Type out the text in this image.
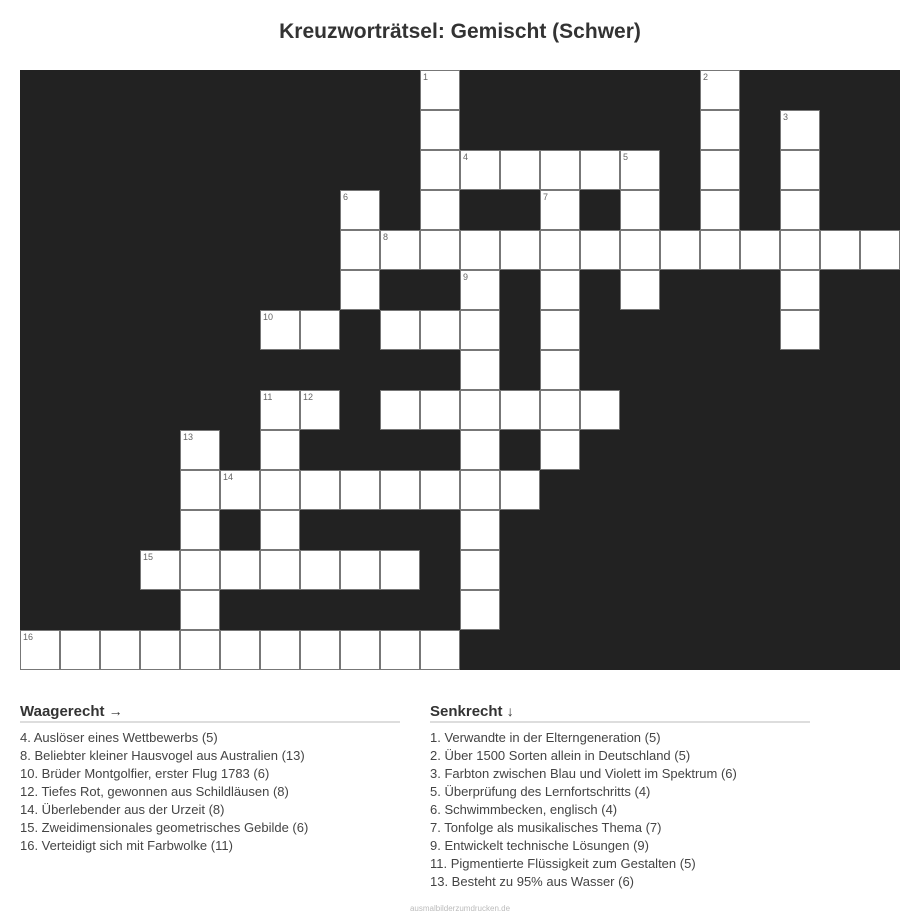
Kreuzworträtsel: Gemischt (Schwer)
1	2
3
4	5
6	7
8
9
10
11	12
13
14
15
16
Waagerecht →
4. Auslöser eines Wettbewerbs (5)
8. Beliebter kleiner Hausvogel aus Australien (13)
10. Brüder Montgolfier, erster Flug 1783 (6)
12. Tiefes Rot, gewonnen aus Schildläusen (8)
14. Überlebender aus der Urzeit (8)
15. Zweidimensionales geometrisches Gebilde (6)
16. Verteidigt sich mit Farbwolke (11)
Senkrecht ↓
1. Verwandte in der Elterngeneration (5)
2. Über 1500 Sorten allein in Deutschland (5)
3. Farbton zwischen Blau und Violett im Spektrum (6)
5. Überprüfung des Lernfortschritts (4)
6. Schwimmbecken, englisch (4)
7. Tonfolge als musikalisches Thema (7)
9. Entwickelt technische Lösungen (9)
11. Pigmentierte Flüssigkeit zum Gestalten (5)
13. Besteht zu 95% aus Wasser (6)
ausmalbilderzumdrucken.de
